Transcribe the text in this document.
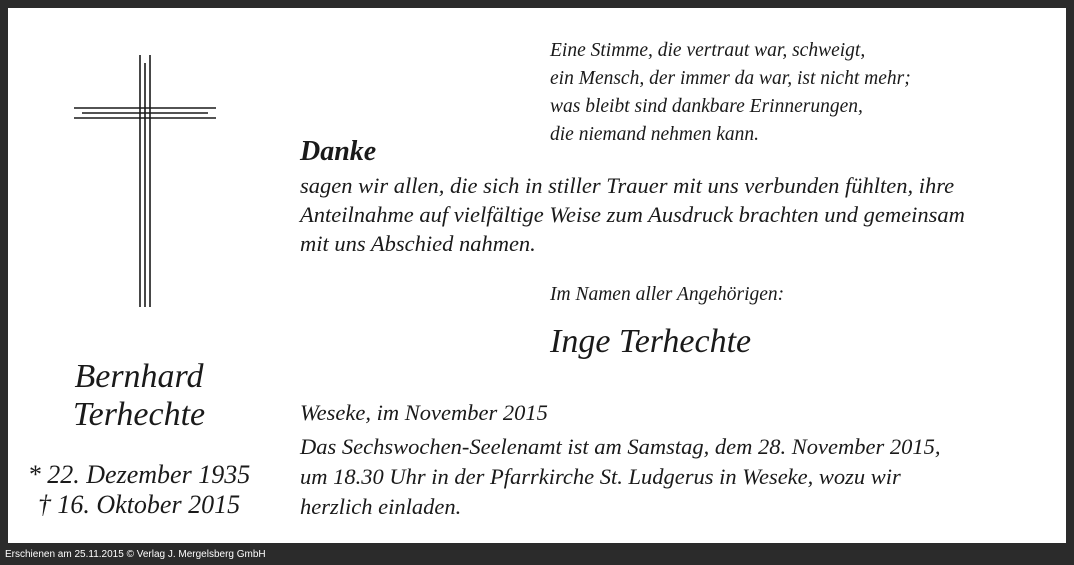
Erschienen am 25.11.2015 © Verlag J. Mergelsberg GmbH
Bernhard
Terhechte
* 22. Dezember 1935
† 16. Oktober 2015
Eine Stimme, die vertraut war, schweigt,
ein Mensch, der immer da war, ist nicht mehr;
was bleibt sind dankbare Erinnerungen,
die niemand nehmen kann.
Danke
sagen wir allen, die sich in stiller Trauer mit uns verbunden fühlten, ihre
Anteilnahme auf vielfältige Weise zum Ausdruck brachten und gemeinsam
mit uns Abschied nahmen.
Im Namen aller Angehörigen:
Inge Terhechte
Weseke, im November 2015
Das Sechswochen-Seelenamt ist am Samstag, dem 28. November 2015,
um 18.30 Uhr in der Pfarrkirche St. Ludgerus in Weseke, wozu wir
herzlich einladen.
